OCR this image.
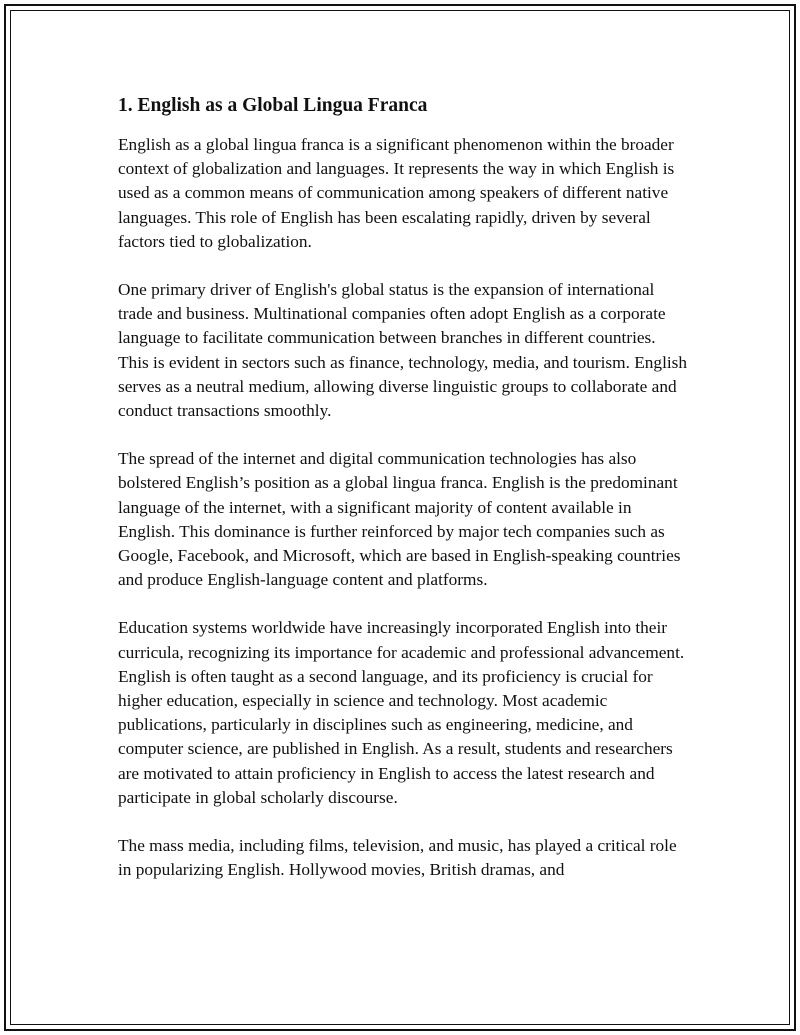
1. English as a Global Lingua Franca

English as a global lingua franca is a significant phenomenon within the broader context of globalization and languages. It represents the way in which English is used as a common means of communication among speakers of different native languages. This role of English has been escalating rapidly, driven by several factors tied to globalization.

One primary driver of English's global status is the expansion of international trade and business. Multinational companies often adopt English as a corporate language to facilitate communication between branches in different countries. This is evident in sectors such as finance, technology, media, and tourism. English serves as a neutral medium, allowing diverse linguistic groups to collaborate and conduct transactions smoothly.

The spread of the internet and digital communication technologies has also bolstered English’s position as a global lingua franca. English is the predominant language of the internet, with a significant majority of content available in English. This dominance is further reinforced by major tech companies such as Google, Facebook, and Microsoft, which are based in English-speaking countries and produce English-language content and platforms.

Education systems worldwide have increasingly incorporated English into their curricula, recognizing its importance for academic and professional advancement. English is often taught as a second language, and its proficiency is crucial for higher education, especially in science and technology. Most academic publications, particularly in disciplines such as engineering, medicine, and computer science, are published in English. As a result, students and researchers are motivated to attain proficiency in English to access the latest research and participate in global scholarly discourse.

The mass media, including films, television, and music, has played a critical role in popularizing English. Hollywood movies, British dramas, and
